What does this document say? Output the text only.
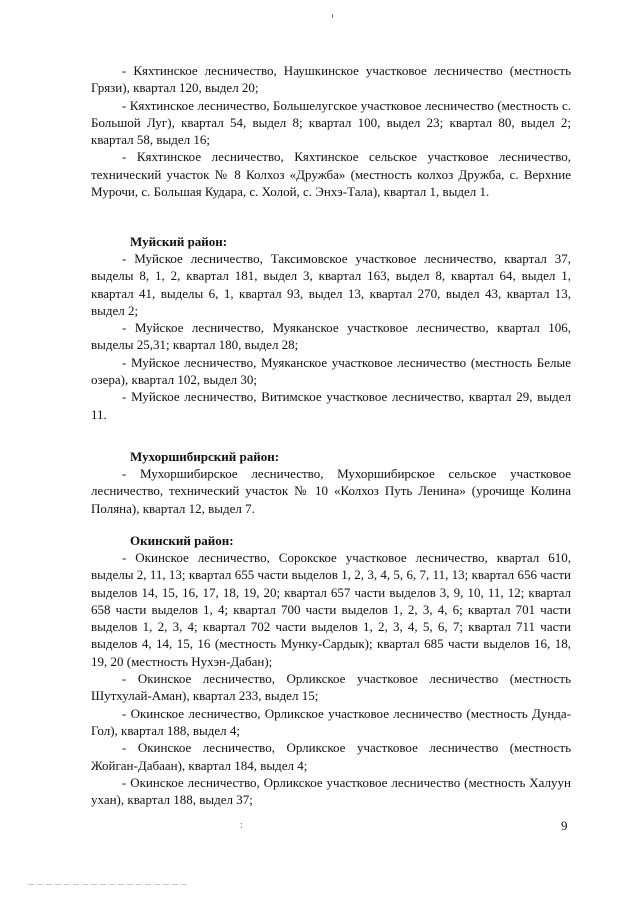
- Кяхтинское лесничество, Наушкинское участковое лесничество (местность Грязи), квартал 120, выдел 20;

- Кяхтинское лесничество, Большелугское участковое лесничество (местность с. Большой Луг), квартал 54, выдел 8; квартал 100, выдел 23; квартал 80, выдел 2; квартал 58, выдел 16;

- Кяхтинское лесничество, Кяхтинское сельское участковое лесничество, технический участок № 8 Колхоз «Дружба» (местность колхоз Дружба, с. Верхние Мурочи, с. Большая Кудара, с. Холой, с. Энхэ-Тала), квартал 1, выдел 1.

Муйский район:

- Муйское лесничество, Таксимовское участковое лесничество, квартал 37, выделы 8, 1, 2, квартал 181, выдел 3, квартал 163, выдел 8, квартал 64, выдел 1, квартал 41, выделы 6, 1, квартал 93, выдел 13, квартал 270, выдел 43, квартал 13, выдел 2;

- Муйское лесничество, Муяканское участковое лесничество, квартал 106, выделы 25,31; квартал 180, выдел 28;

- Муйское лесничество, Муяканское участковое лесничество (местность Белые озера), квартал 102, выдел 30;

- Муйское лесничество, Витимское участковое лесничество, квартал 29, выдел 11.

Мухоршибирский район:

- Мухоршибирское лесничество, Мухоршибирское сельское участковое лесничество, технический участок № 10 «Колхоз Путь Ленина» (урочище Колина Поляна), квартал 12, выдел 7.

Окинский район:

- Окинское лесничество, Сорокское участковое лесничество, квартал 610, выделы 2, 11, 13; квартал 655 части выделов 1, 2, 3, 4, 5, 6, 7, 11, 13; квартал 656 части выделов 14, 15, 16, 17, 18, 19, 20; квартал 657 части выделов 3, 9, 10, 11, 12; квартал 658 части выделов 1, 4; квартал 700 части выделов 1, 2, 3, 4, 6; квартал 701 части выделов 1, 2, 3, 4; квартал 702 части выделов 1, 2, 3, 4, 5, 6, 7; квартал 711 части выделов 4, 14, 15, 16 (местность Мунку-Сардык); квартал 685 части выделов 16, 18, 19, 20 (местность Нухэн-Дабан);

- Окинское лесничество, Орликское участковое лесничество (местность Шутхулай-Аман), квартал 233, выдел 15;

- Окинское лесничество, Орликское участковое лесничество (местность Дунда-Гол), квартал 188, выдел 4;

- Окинское лесничество, Орликское участковое лесничество (местность Жойган-Дабаан), квартал 184, выдел 4;

- Окинское лесничество, Орликское участковое лесничество (местность Халуун ухан), квартал 188, выдел 37;

:	9
